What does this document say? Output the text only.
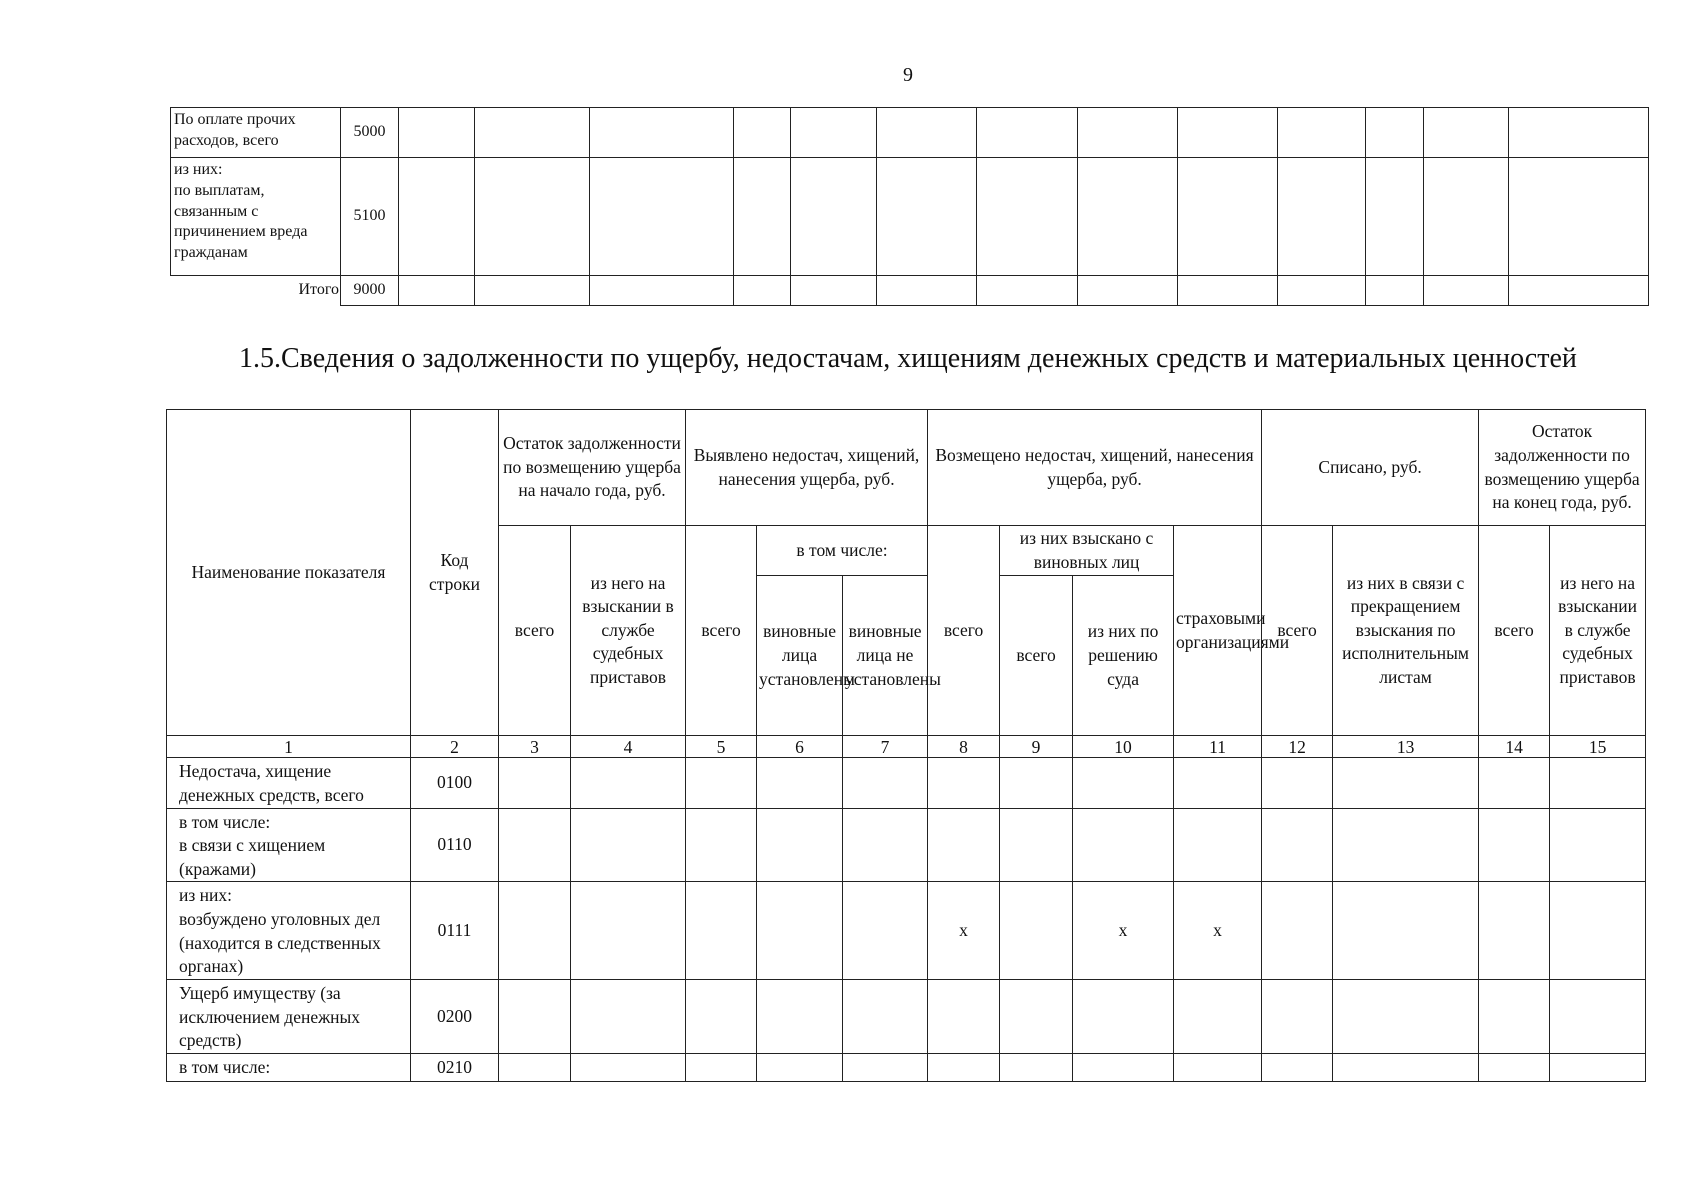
9
По оплате прочих расходов, всего	5000													
из них:
по выплатам, связанным с причинением вреда гражданам	5100													
Итого	9000													
1.5.Сведения о задолженности по ущербу, недостачам, хищениям денежных средств и материальных ценностей
Наименование показателя	Код строки	Остаток задолженности по возмещению ущерба на начало года, руб.		Выявлено недостач, хищений, нанесения ущерба, руб.			Возмещено недостач, хищений, нанесения ущерба, руб.				Списано, руб.		Остаток задолженности по возмещению ущерба на конец года, руб.	
		всего	из него на взыскании в службе судебных приставов	всего	в том числе:		всего	из них взыскано с виновных лиц		страховыми организациями	всего	из них в связи с прекращением взыскания по исполнительным листам	всего	из него на взыскании в службе судебных приставов
					виновные лица установлены	виновные лица не установлены		всего	из них по решению суда					
1	2	3	4	5	6	7	8	9	10	11	12	13	14	15
Недостача, хищение денежных средств, всего	0100													
в том числе:
в связи с хищением (кражами)	0110													
из них:
возбуждено уголовных дел (находится в следственных органах)	0111						x		x	x				
Ущерб имуществу (за исключением денежных средств)	0200													
в том числе:	0210													
